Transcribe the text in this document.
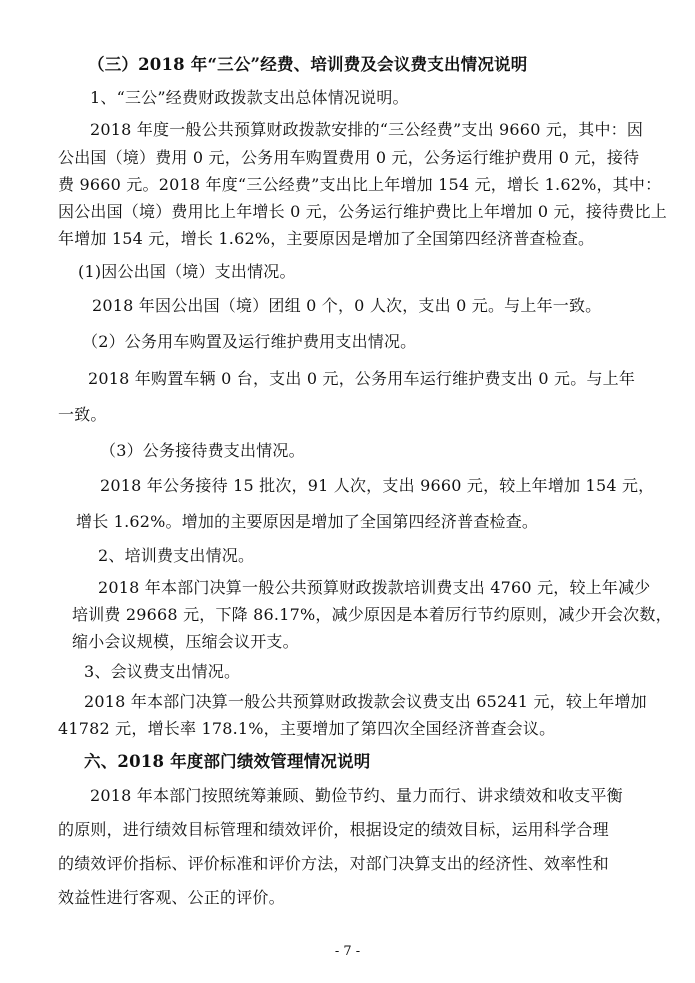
（三）2018 年“三公”经费、培训费及会议费支出情况说明
1、“三公”经费财政拨款支出总体情况说明。
2018 年度一般公共预算财政拨款安排的“三公经费”支出 9660 元，其中：因
公出国（境）费用 0 元，公务用车购置费用 0 元，公务运行维护费用 0 元，接待
费 9660 元。2018 年度“三公经费”支出比上年增加 154 元，增长 1.62%，其中：
因公出国（境）费用比上年增长 0 元，公务运行维护费比上年增加 0 元，接待费比上
年增加 154 元，增长 1.62%，主要原因是增加了全国第四经济普查检查。
(1)因公出国（境）支出情况。
2018 年因公出国（境）团组 0 个，0 人次，支出 0 元。与上年一致。
（2）公务用车购置及运行维护费用支出情况。
2018 年购置车辆 0 台，支出 0 元，公务用车运行维护费支出 0 元。与上年
一致。
（3）公务接待费支出情况。
2018 年公务接待 15 批次，91 人次，支出 9660 元，较上年增加 154 元，
增长 1.62%。增加的主要原因是增加了全国第四经济普查检查。
2、培训费支出情况。
2018 年本部门决算一般公共预算财政拨款培训费支出 4760 元，较上年减少
培训费 29668 元，下降 86.17%，减少原因是本着厉行节约原则，减少开会次数，
缩小会议规模，压缩会议开支。
3、会议费支出情况。
2018 年本部门决算一般公共预算财政拨款会议费支出 65241 元，较上年增加
41782 元，增长率 178.1%，主要增加了第四次全国经济普查会议。
六、2018 年度部门绩效管理情况说明
2018 年本部门按照统筹兼顾、勤俭节约、量力而行、讲求绩效和收支平衡
的原则，进行绩效目标管理和绩效评价，根据设定的绩效目标，运用科学合理
的绩效评价指标、评价标准和评价方法，对部门决算支出的经济性、效率性和
效益性进行客观、公正的评价。
- 7 -
